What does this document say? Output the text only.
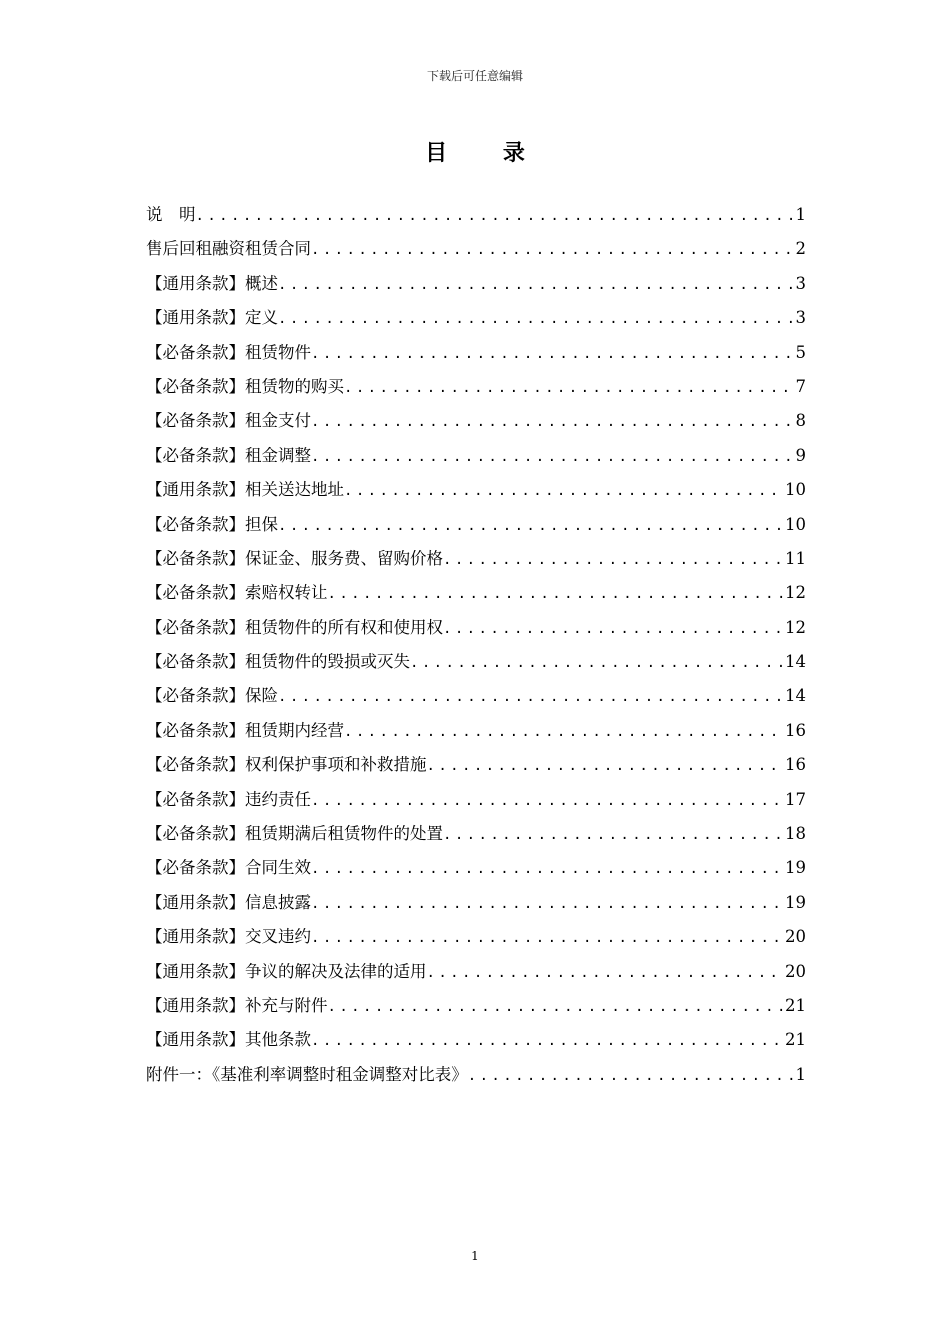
下载后可任意编辑
目 录
说　明 .....	1
售后回租融资租赁合同 .....	2
【通用条款】概述 .....	3
【通用条款】定义 .....	3
【必备条款】租赁物件 .....	5
【必备条款】租赁物的购买 .....	7
【必备条款】租金支付 .....	8
【必备条款】租金调整 .....	9
【通用条款】相关送达地址 .....	10
【必备条款】担保 .....	10
【必备条款】保证金、服务费、留购价格 .....	11
【必备条款】索赔权转让 .....	12
【必备条款】租赁物件的所有权和使用权 .....	12
【必备条款】租赁物件的毁损或灭失 .....	14
【必备条款】保险 .....	14
【必备条款】租赁期内经营 .....	16
【必备条款】权利保护事项和补救措施 .....	16
【必备条款】违约责任 .....	17
【必备条款】租赁期满后租赁物件的处置 .....	18
【必备条款】合同生效 .....	19
【通用条款】信息披露 .....	19
【通用条款】交叉违约 .....	20
【通用条款】争议的解决及法律的适用 .....	20
【通用条款】补充与附件 .....	21
【通用条款】其他条款 .....	21
附件一：《基准利率调整时租金调整对比表》 .....	1
1
